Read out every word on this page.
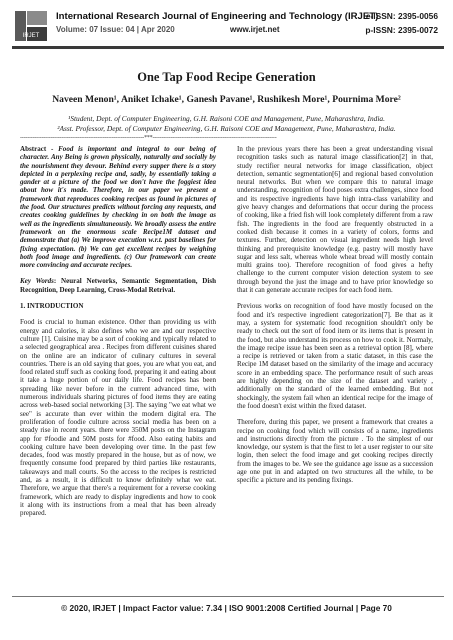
IRJET
International Research Journal of Engineering and Technology (IRJET)
e-ISSN: 2395-0056
Volume: 07 Issue: 04 | Apr 2020	www.irjet.net	p-ISSN: 2395-0072
One Tap Food Recipe Generation
Naveen Menon¹, Aniket Ichake¹, Ganesh Pavane¹, Rushikesh More¹, Pournima More²
¹Student, Dept. of Computer Engineering, G.H. Raisoni COE and Management, Pune, Maharashtra, India.
²Asst. Professor, Dept. of Computer Engineering, G.H. Raisoni COE and Management, Pune, Maharashtra, India.
---------------------------------------------------------------------***---------------------------------------------------------------------

Abstract - Food is important and integral to our being of character. Any Being is grown physically, naturally and socially by the nourishment they devour. Behind every supper there is a story depicted in a perplexing recipe and, sadly, by essentially taking a gander at a picture of the food we don't have the foggiest idea about how it's made. Therefore, in our paper we present a framework that reproduces cooking recipes as found in pictures of the food. Our structures predicts without forcing any requests, and creates cooking guidelines by checking in on both the image as well as the ingredients simultaneously. We broadly assess the entire framework on the enormous scale Recipe1M dataset and demonstrate that (a) We improve execution w.r.t. past baselines for fixing expectation. (b) We can get excellent recipes by weighing both food image and ingredients. (c) Our framework can create more convincing and accurate recipes.

Key Words: Neural Networks, Semantic Segmentation, Dish Recognition, Deep Learning, Cross-Modal Retrival.

1. INTRODUCTION

Food is crucial to human existence. Other than providing us with energy and calories, it also defines who we are and our respective culture [1]. Cuisine may be a sort of cooking and typically related to a selected geographical area . Recipes from different cuisines shared on the online are an indicator of culinary cultures in several countries. There is an old saying that goes, you are what you eat, and food related stuff such as cooking food, preparing it and eating about it take a huge portion of our daily life. Food recipes has been spreading like never before in the current advanced time, with numerous individuals sharing pictures of food items they are eating across web-based social networking [3]. The saying "we eat what we see" is accurate than ever within the modern digital era. The proliferation of foodie culture across social media has been on a steady rise in recent years. there were 350M posts on the Instagram app for #foodie and 50M posts for #food. Also eating habits and cooking culture have been developing over time. In the past few decades, food was mostly prepared in the house, but as of now, we frequently consume food prepared by third parties like restaurants, takeaways and mall courts. So the access to the recipes is restricted and, as a result, it is difficult to know definitely what we eat. Therefore, we argue that there's a requirement for a reverse cooking framework, which are ready to display ingredients and how to cook it along with its instructions from a meal that has been already prepared.

In the previous years there has been a great understanding visual recognition tasks such as natural image classification[2] in that, study rectifier neural networks for image classification, object detection, semantic segmentation[6] and regional based convolution neural networks. But when we compare this to natural image understanding, recognition of food poses extra challenges, since food and its respective ingredients have high intra-class variability and give heavy changes and deformations that occur during the process of cooking, like a fried fish will look completely different from a raw fish. The ingredients in the food are frequently obstructed in a cooked dish because it comes in a variety of colors, forms and textures. Further, detection on visual ingredient needs high level thinking and prerequisite knowledge (e.g. pastry will mostly have sugar and less salt, whereas whole wheat bread will mostly contain multi grains too). Therefore recognition of food gives a hefty challenge to the current computer vision detection system to see through beyond the just the image and to have prior knowledge so that it can generate accurate recipes for each food item.

Previous works on recognition of food have mostly focused on the food and it's respective ingredient categorization[7]. Be that as it may, a system for systematic food recognition shouldn't only be ready to check out the sort of food item or its items that is present in the food, but also understand its process on how to cook it. Normaly, the image recipe issue has been seen as a retrieval option [8], where a recipe is retrieved or taken from a static dataset, in this case the Recipe 1M dataset based on the similarity of the image and accuracy score in an embedding space. The performance result of such areas are highly depending on the size of the dataset and variety , additionally on the standard of the learned embedding. But not shockingly, the system fail when an identical recipe for the image of the food doesn't exist within the fixed dataset.

Therefore, during this paper, we present a framework that creates a recipe on cooking food which will consists of a name, ingredients and instructions directly from the picture . To the simplest of our knowledge, our system is that the first to let a user register to our site login, then select the food image and get cooking recipes directly from the images to be. We see the guidance age issue as a succession age one put in and adapted on two structures all the while, to be specific a picture and its pending fixings.

© 2020, IRJET | Impact Factor value: 7.34 | ISO 9001:2008 Certified Journal | Page 70
